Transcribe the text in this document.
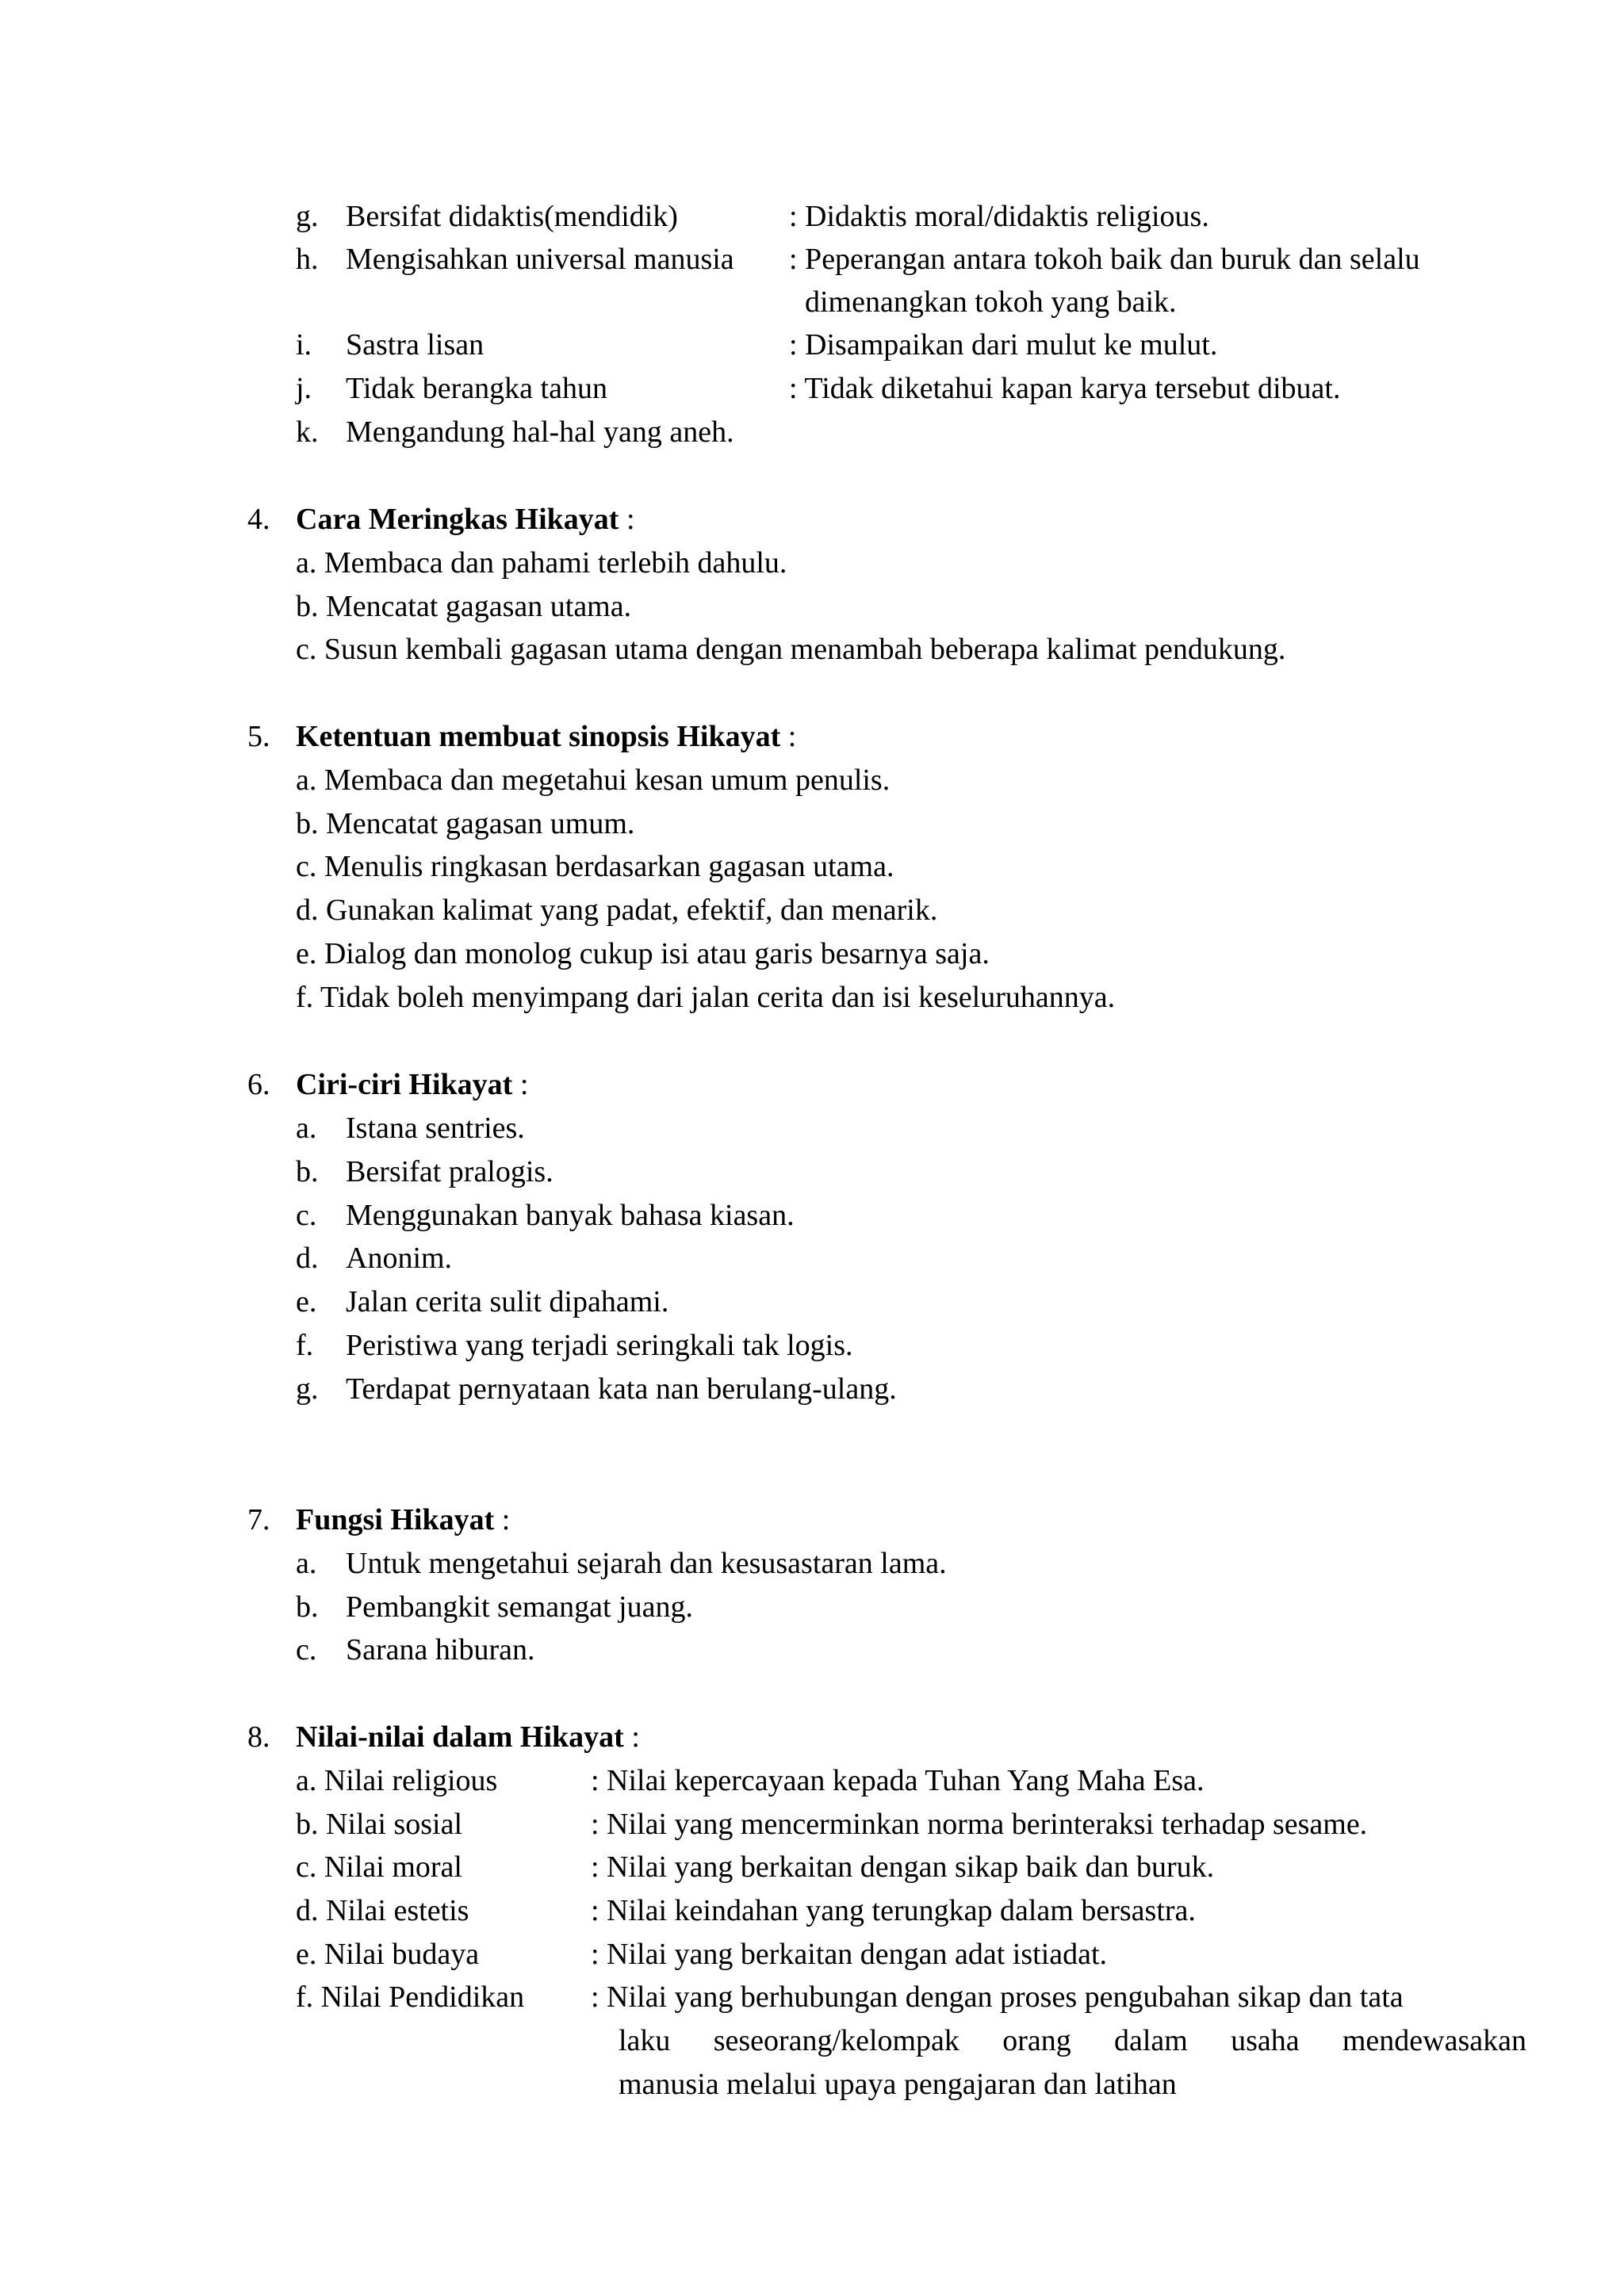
g. Bersifat didaktis(mendidik)	: Didaktis moral/didaktis religious.
h. Mengisahkan universal manusia : Peperangan antara tokoh baik dan buruk dan selalu
dimenangkan tokoh yang baik.
i. Sastra lisan	: Disampaikan dari mulut ke mulut.
j. Tidak berangka tahun	: Tidak diketahui kapan karya tersebut dibuat.
k. Mengandung hal-hal yang aneh.
4. Cara Meringkas Hikayat :
a. Membaca dan pahami terlebih dahulu.
b. Mencatat gagasan utama.
c. Susun kembali gagasan utama dengan menambah beberapa kalimat pendukung.
5. Ketentuan membuat sinopsis Hikayat :
a. Membaca dan megetahui kesan umum penulis.
b. Mencatat gagasan umum.
c. Menulis ringkasan berdasarkan gagasan utama.
d. Gunakan kalimat yang padat, efektif, dan menarik.
e. Dialog dan monolog cukup isi atau garis besarnya saja.
f. Tidak boleh menyimpang dari jalan cerita dan isi keseluruhannya.
6. Ciri-ciri Hikayat :
a. Istana sentries.
b. Bersifat pralogis.
c. Menggunakan banyak bahasa kiasan.
d. Anonim.
e. Jalan cerita sulit dipahami.
f. Peristiwa yang terjadi seringkali tak logis.
g. Terdapat pernyataan kata nan berulang-ulang.
7. Fungsi Hikayat :
a. Untuk mengetahui sejarah dan kesusastaran lama.
b. Pembangkit semangat juang.
c. Sarana hiburan.
8. Nilai-nilai dalam Hikayat :
a. Nilai religious	: Nilai kepercayaan kepada Tuhan Yang Maha Esa.
b. Nilai sosial	: Nilai yang mencerminkan norma berinteraksi terhadap sesame.
c. Nilai moral	: Nilai yang berkaitan dengan sikap baik dan buruk.
d. Nilai estetis	: Nilai keindahan yang terungkap dalam bersastra.
e. Nilai budaya	: Nilai yang berkaitan dengan adat istiadat.
f. Nilai Pendidikan : Nilai yang berhubungan dengan proses pengubahan sikap dan tata
laku seseorang/kelompak orang dalam usaha mendewasakan
manusia melalui upaya pengajaran dan latihan
